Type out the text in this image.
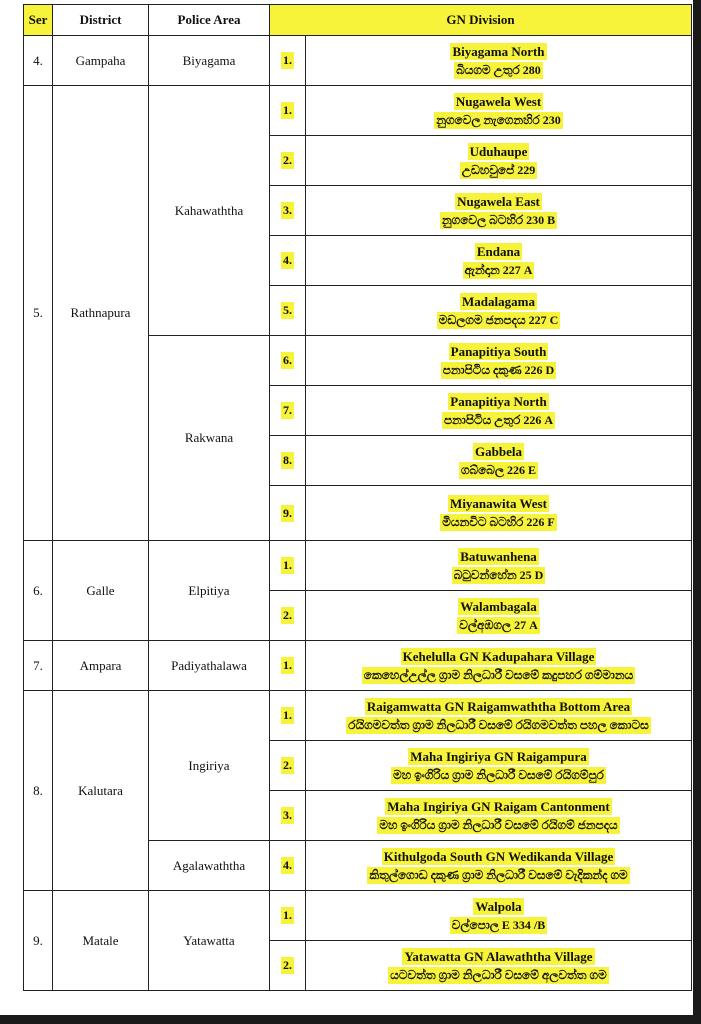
Ser	District	Police Area	GN Division	
4.	Gampaha	Biyagama	1.	Biyagama North
බියගම උතුර 280
5.	Rathnapura	Kahawaththa	1.	Nugawela West
නුගවෙල නැගෙනහිර 230
			2.	Uduhaupe
උඩහවුපේ 229
			3.	Nugawela East
නුගවෙල බටහිර 230 B
			4.	Endana
ඇන්දාන 227 A
			5.	Madalagama
මඩලගම ජනපදය 227 C
		Rakwana	6.	Panapitiya South
පනාපිටිය දකුණ 226 D
			7.	Panapitiya North
පනාපිටිය උතුර 226 A
			8.	Gabbela
ගබ්බෙල 226 E
			9.	Miyanawita West
මියනවිට බටහිර 226 F
6.	Galle	Elpitiya	1.	Batuwanhena
බටුවන්හේන 25 D
			2.	Walambagala
වල්අඹගල 27 A
7.	Ampara	Padiyathalawa	1.	Kehelulla GN Kadupahara Village
කෙහෙල්උල්ල ග්‍රාම නිලධාරී වසමේ කදුපහර ගම්මානය
8.	Kalutara	Ingiriya	1.	Raigamwatta GN Raigamwaththa Bottom Area
රයිගමවත්ත ග්‍රාම නිලධාරී වසමේ රයිගමවත්ත පහල කොටස
			2.	Maha Ingiriya GN Raigampura
මහ ඉංගිරිය ග්‍රාම නිලධාරී වසමේ රයිගම්පුර
			3.	Maha Ingiriya GN Raigam Cantonment
මහ ඉංගිරිය ග්‍රාම නිලධාරී වසමේ රයිගම් ජනපදය
		Agalawaththa	4.	Kithulgoda South GN Wedikanda Village
කිතුල්ගොඩ දකුණ ග්‍රාම නිලධාරී වසමේ වැදිකන්ද ගම
9.	Matale	Yatawatta	1.	Walpola
වල්පොල E 334 /B
			2.	Yatawatta GN Alawaththa Village
යටවත්ත ග්‍රාම නිලධාරී වසමේ අලවත්ත ගම
